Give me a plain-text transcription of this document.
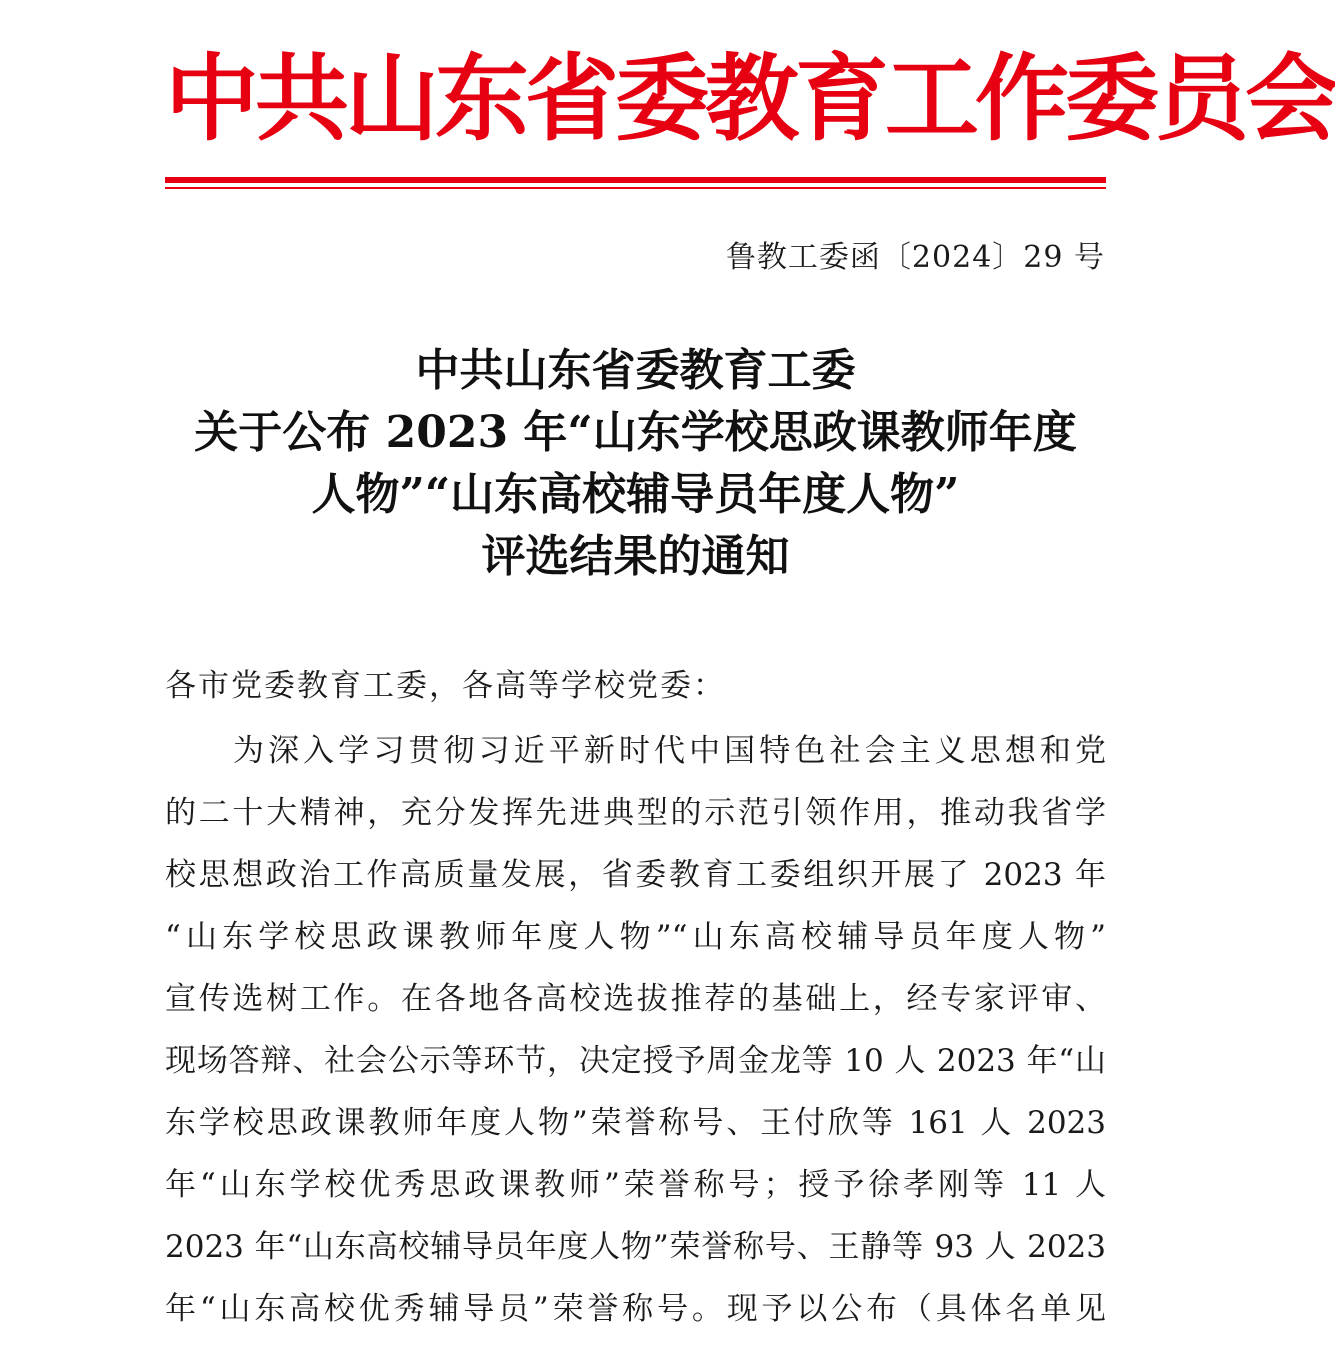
中共山东省委教育工作委员会
鲁教工委函〔2024〕29 号
中共山东省委教育工委
关于公布 2023 年“山东学校思政课教师年度
人物”“山东高校辅导员年度人物”
评选结果的通知
各市党委教育工委，各高等学校党委：
为深入学习贯彻习近平新时代中国特色社会主义思想和党
的二十大精神，充分发挥先进典型的示范引领作用，推动我省学
校思想政治工作高质量发展，省委教育工委组织开展了 2023 年
“山东学校思政课教师年度人物”“山东高校辅导员年度人物”
宣传选树工作。在各地各高校选拔推荐的基础上，经专家评审、
现场答辩、社会公示等环节，决定授予周金龙等 10 人 2023 年“山
东学校思政课教师年度人物”荣誉称号、王付欣等 161 人 2023
年“山东学校优秀思政课教师”荣誉称号；授予徐孝刚等 11 人
2023 年“山东高校辅导员年度人物”荣誉称号、王静等 93 人 2023
年“山东高校优秀辅导员”荣誉称号。现予以公布（具体名单见
